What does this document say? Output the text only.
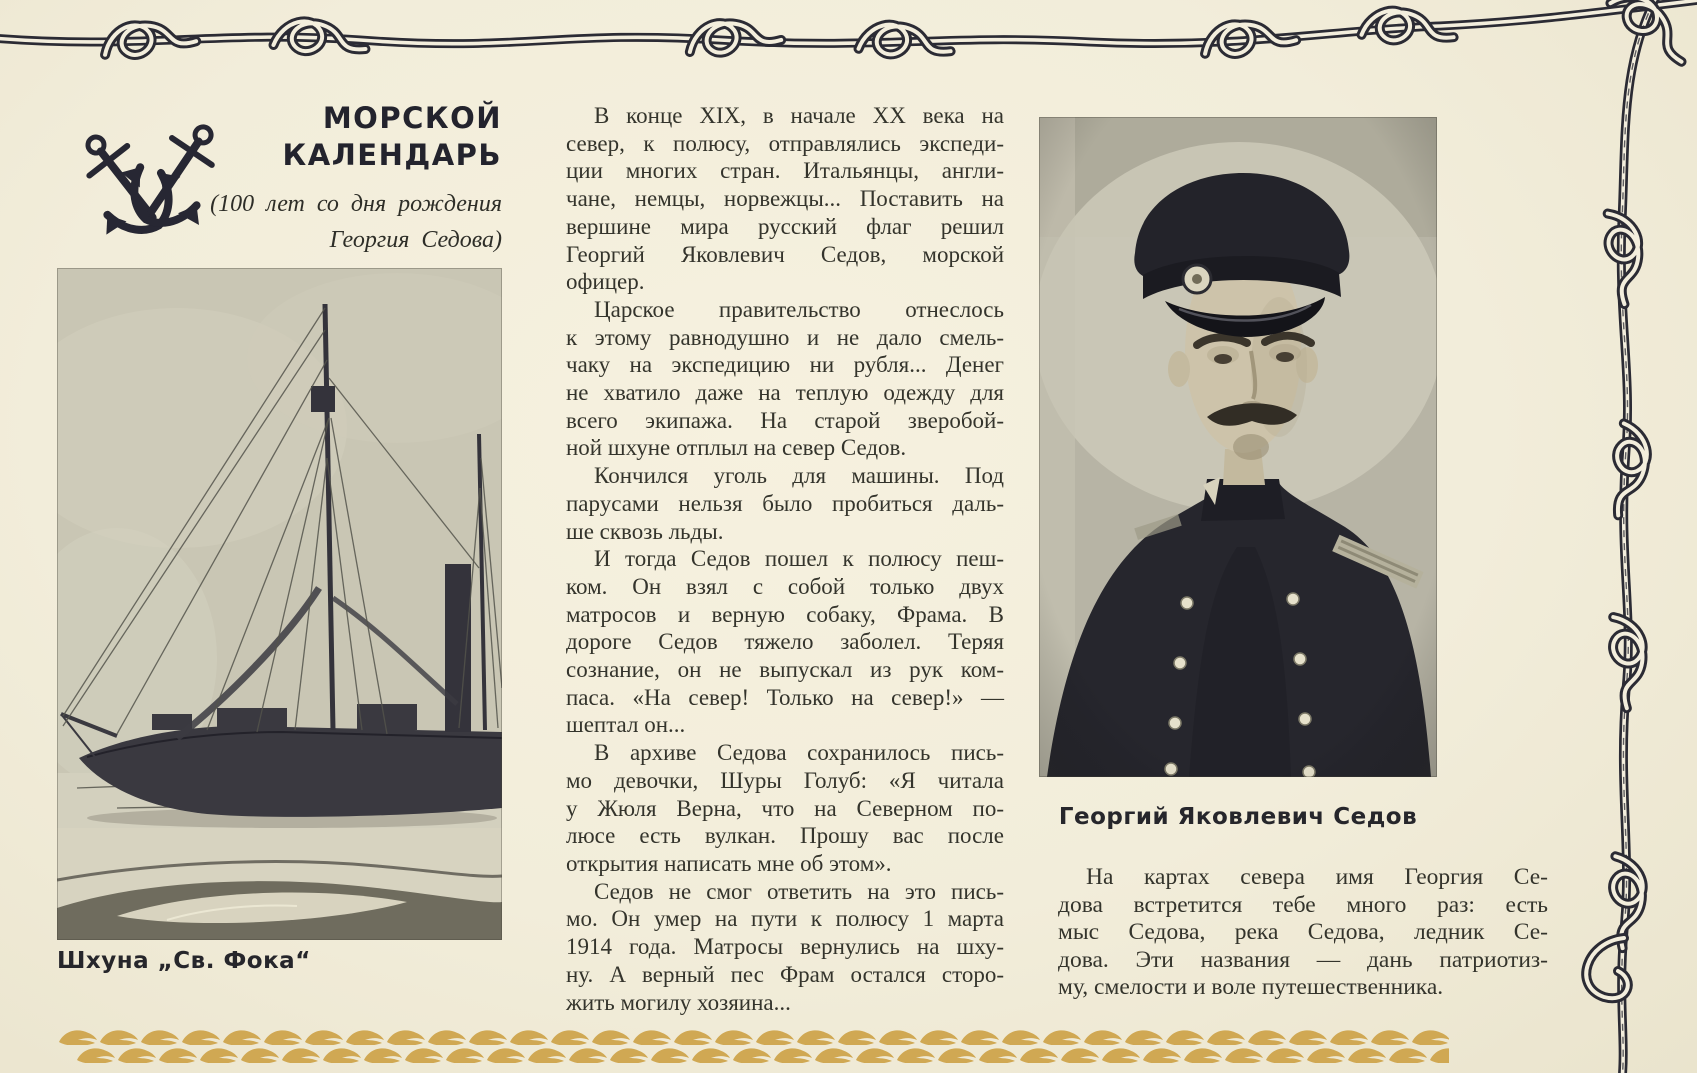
МОРСКОЙ
КАЛЕНДАРЬ
(100 лет со дня рождения
Георгия Седова)
Шхуна „Св. Фока“
В конце XIX, в начале XX века на
север, к полюсу, отправлялись экспеди-
ции многих стран. Итальянцы, англи-
чане, немцы, норвежцы... Поставить на
вершине мира русский флаг решил
Георгий Яковлевич Седов, морской
офицер.
Царское правительство отнеслось
к этому равнодушно и не дало смель-
чаку на экспедицию ни рубля... Денег
не хватило даже на теплую одежду для
всего экипажа. На старой зверобой-
ной шхуне отплыл на север Седов.
Кончился уголь для машины. Под
парусами нельзя было пробиться даль-
ше сквозь льды.
И тогда Седов пошел к полюсу пеш-
ком. Он взял с собой только двух
матросов и верную собаку, Фрама. В
дороге Седов тяжело заболел. Теряя
сознание, он не выпускал из рук ком-
паса. «На север! Только на север!» —
шептал он...
В архиве Седова сохранилось пись-
мо девочки, Шуры Голуб: «Я читала
у Жюля Верна, что на Северном по-
люсе есть вулкан. Прошу вас после
открытия написать мне об этом».
Седов не смог ответить на это пись-
мо. Он умер на пути к полюсу 1 марта
1914 года. Матросы вернулись на шху-
ну. А верный пес Фрам остался сторо-
жить могилу хозяина...
Георгий Яковлевич Седов
На картах севера имя Георгия Се-
дова встретится тебе много раз: есть
мыс Седова, река Седова, ледник Се-
дова. Эти названия — дань патриотиз-
му, смелости и воле путешественника.
